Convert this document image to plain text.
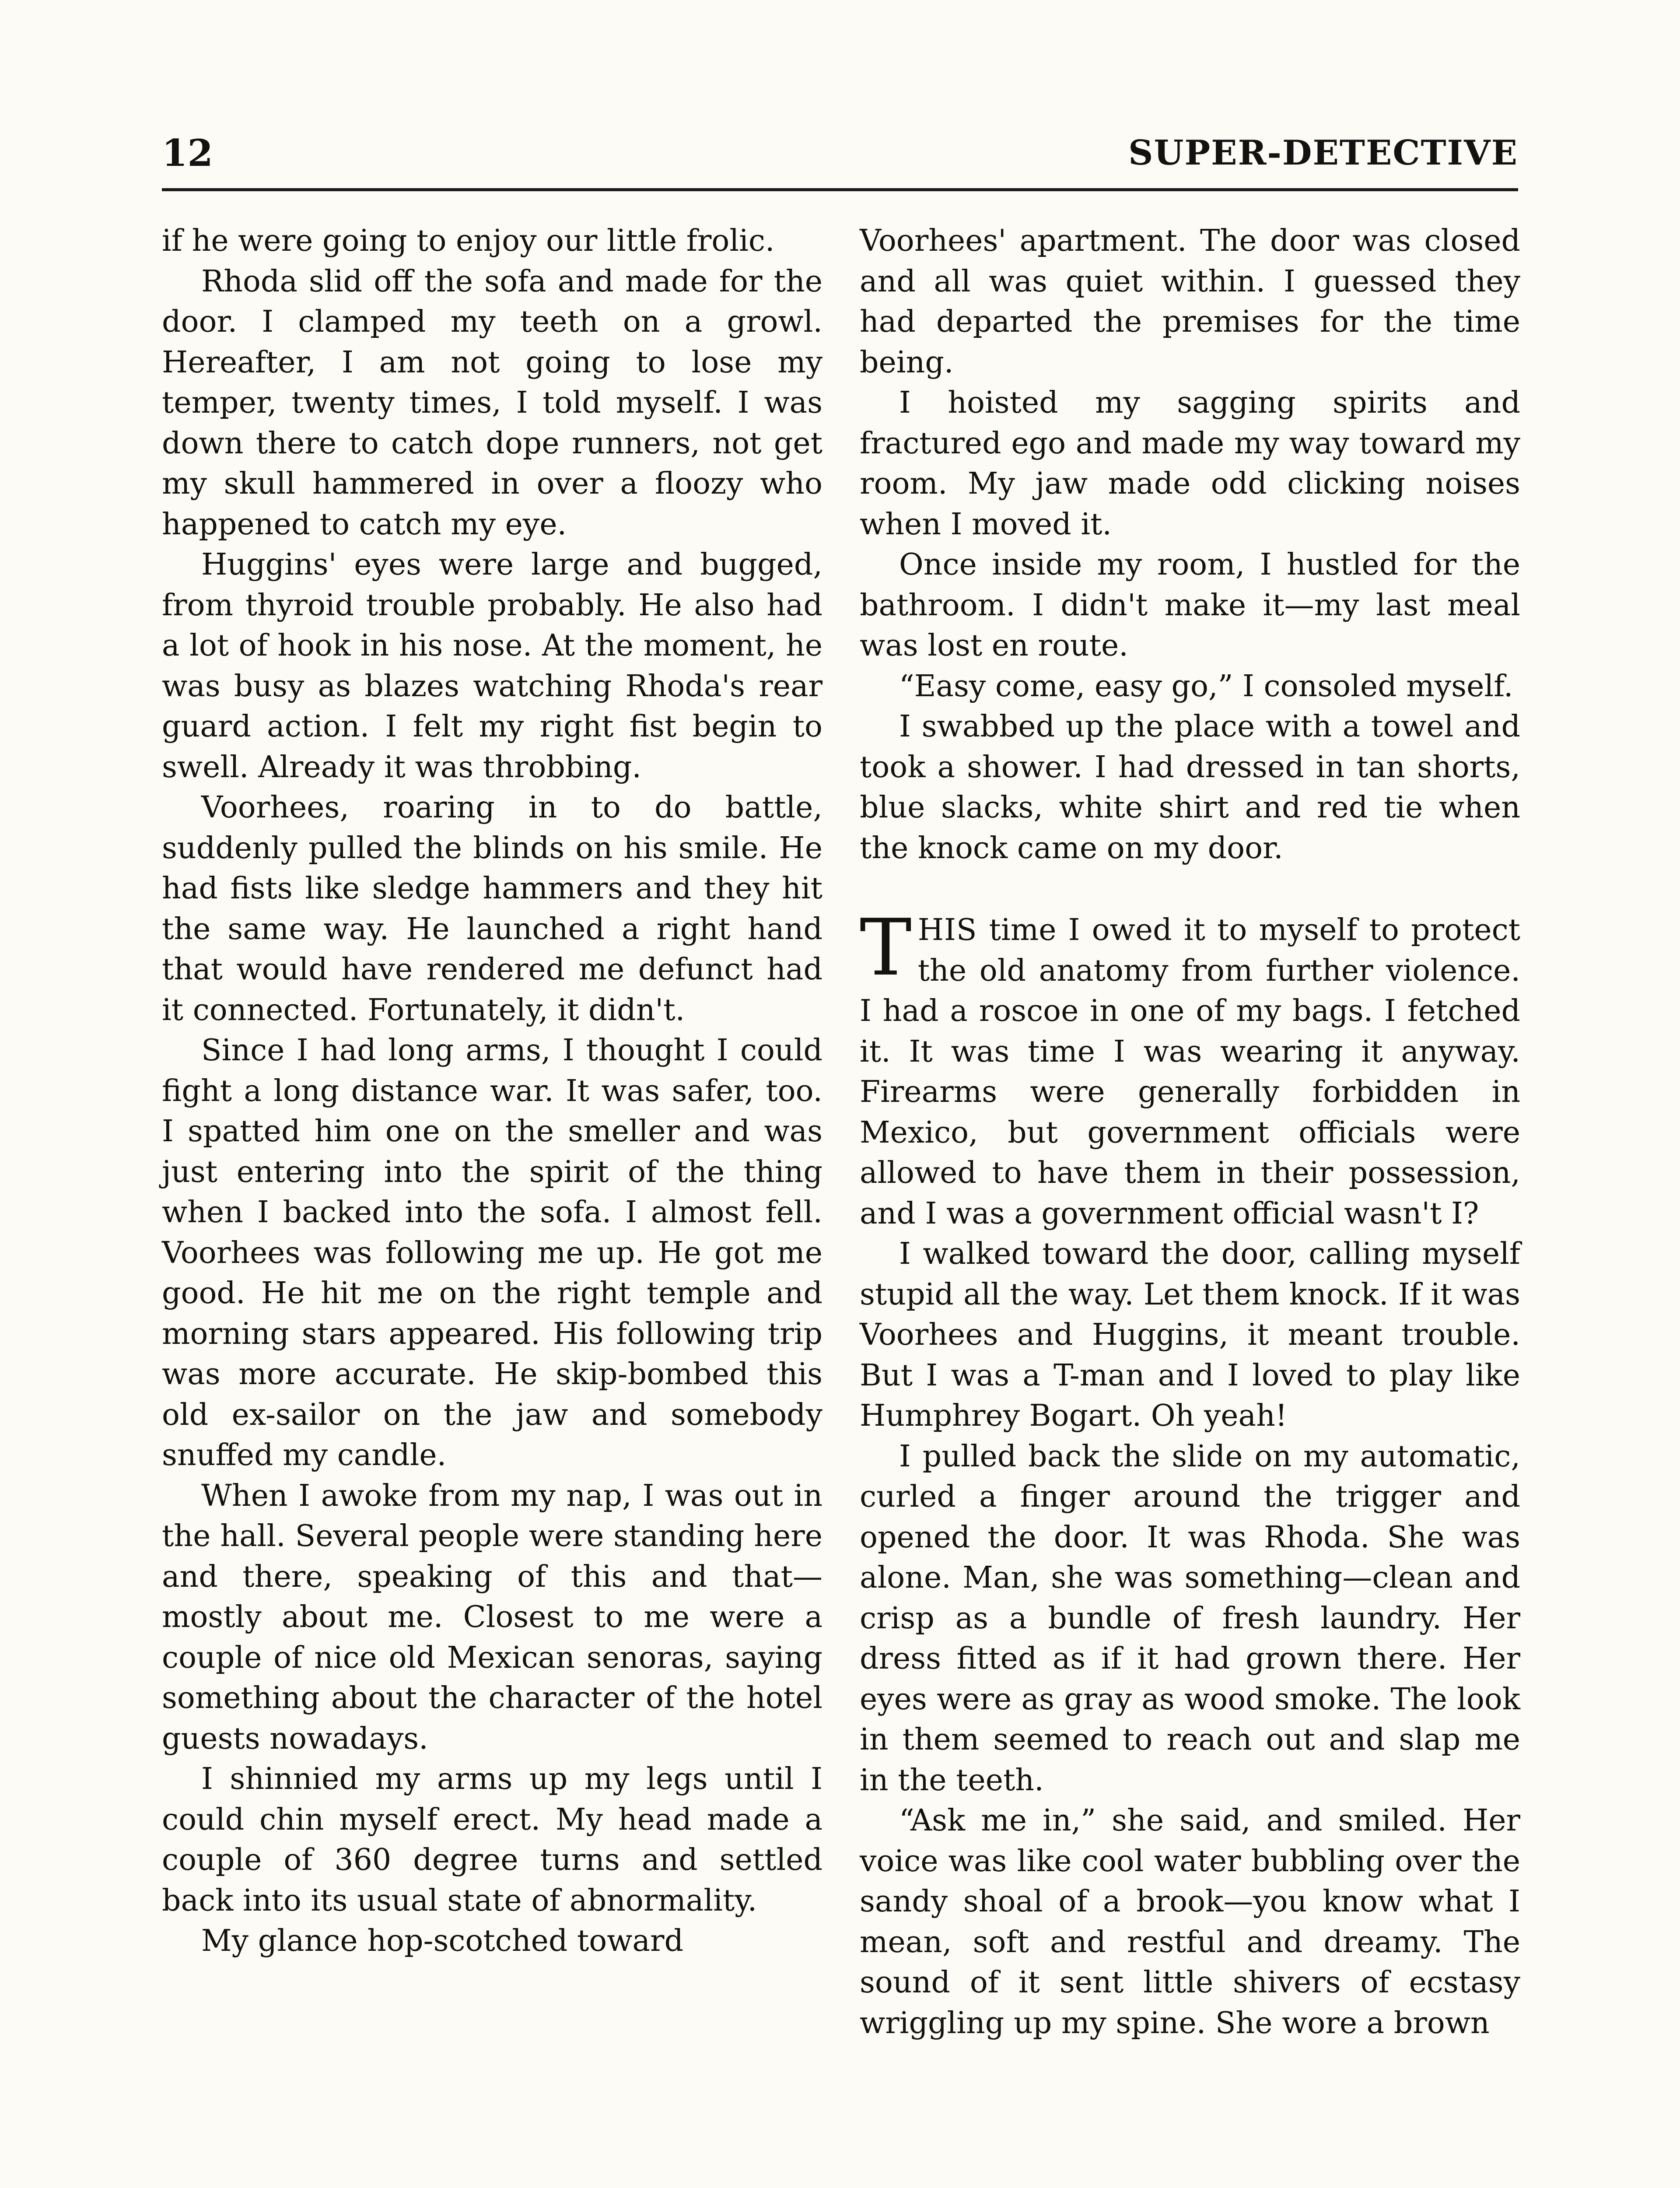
12	SUPER-DETECTIVE

if he were going to enjoy our little frolic.

Rhoda slid off the sofa and made for the door. I clamped my teeth on a growl. Hereafter, I am not going to lose my temper, twenty times, I told myself. I was down there to catch dope runners, not get my skull hammered in over a floozy who happened to catch my eye.

Huggins' eyes were large and bugged, from thyroid trouble probably. He also had a lot of hook in his nose. At the moment, he was busy as blazes watching Rhoda's rear guard action. I felt my right fist begin to swell. Already it was throbbing.

Voorhees, roaring in to do battle, suddenly pulled the blinds on his smile. He had fists like sledge hammers and they hit the same way. He launched a right hand that would have rendered me defunct had it connected. Fortunately, it didn't.

Since I had long arms, I thought I could fight a long distance war. It was safer, too. I spatted him one on the smeller and was just entering into the spirit of the thing when I backed into the sofa. I almost fell. Voorhees was following me up. He got me good. He hit me on the right temple and morning stars appeared. His following trip was more accurate. He skip-bombed this old ex-sailor on the jaw and somebody snuffed my candle.

When I awoke from my nap, I was out in the hall. Several people were standing here and there, speaking of this and that—mostly about me. Closest to me were a couple of nice old Mexican senoras, saying something about the character of the hotel guests nowadays.

I shinnied my arms up my legs until I could chin myself erect. My head made a couple of 360 degree turns and settled back into its usual state of abnormality.

My glance hop-scotched toward

Voorhees' apartment. The door was closed and all was quiet within. I guessed they had departed the premises for the time being.

I hoisted my sagging spirits and fractured ego and made my way toward my room. My jaw made odd clicking noises when I moved it.

Once inside my room, I hustled for the bathroom. I didn't make it—my last meal was lost en route.

“Easy come, easy go,” I consoled myself.

I swabbed up the place with a towel and took a shower. I had dressed in tan shorts, blue slacks, white shirt and red tie when the knock came on my door.

THIS time I owed it to myself to protect the old anatomy from further violence. I had a roscoe in one of my bags. I fetched it. It was time I was wearing it anyway. Firearms were generally forbidden in Mexico, but government officials were allowed to have them in their possession, and I was a government official wasn't I?

I walked toward the door, calling myself stupid all the way. Let them knock. If it was Voorhees and Huggins, it meant trouble. But I was a T-man and I loved to play like Humphrey Bogart. Oh yeah!

I pulled back the slide on my automatic, curled a finger around the trigger and opened the door. It was Rhoda. She was alone. Man, she was something—clean and crisp as a bundle of fresh laundry. Her dress fitted as if it had grown there. Her eyes were as gray as wood smoke. The look in them seemed to reach out and slap me in the teeth.

“Ask me in,” she said, and smiled. Her voice was like cool water bubbling over the sandy shoal of a brook—you know what I mean, soft and restful and dreamy. The sound of it sent little shivers of ecstasy wriggling up my spine. She wore a brown
